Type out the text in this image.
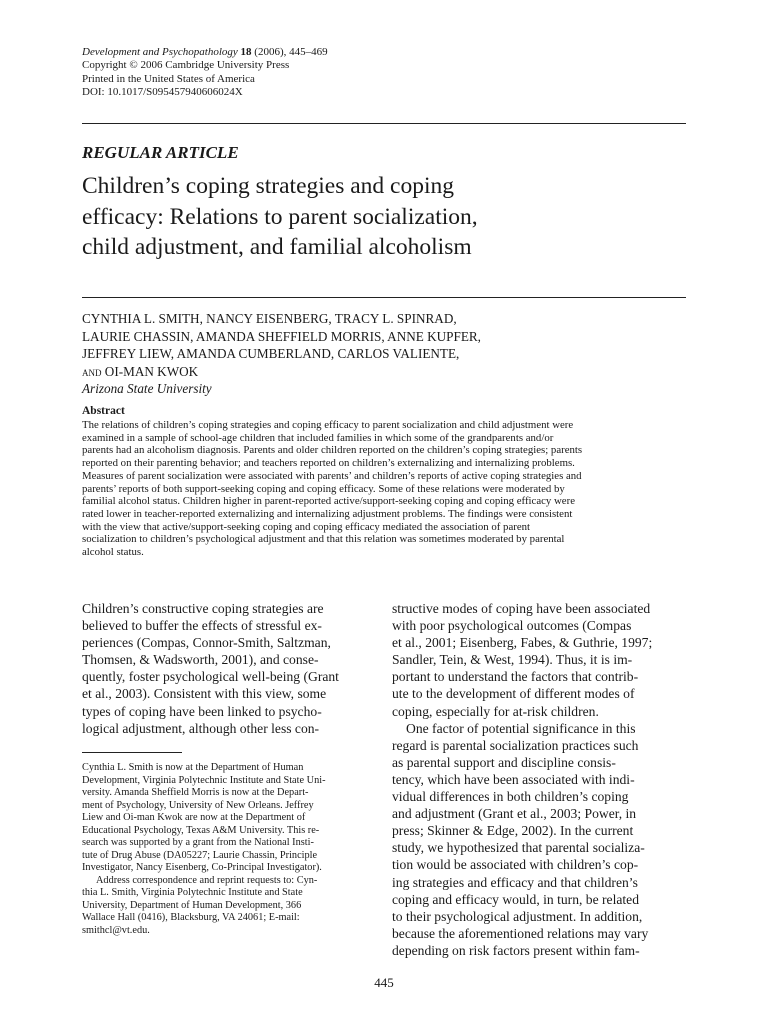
Development and Psychopathology 18 (2006), 445–469
Copyright © 2006 Cambridge University Press
Printed in the United States of America
DOI: 10.1017/S095457940606024X
REGULAR ARTICLE
Children’s coping strategies and coping
efficacy: Relations to parent socialization,
child adjustment, and familial alcoholism
CYNTHIA L. SMITH, NANCY EISENBERG, TRACY L. SPINRAD,
LAURIE CHASSIN, AMANDA SHEFFIELD MORRIS, ANNE KUPFER,
JEFFREY LIEW, AMANDA CUMBERLAND, CARLOS VALIENTE,
and OI-MAN KWOK
Arizona State University
Abstract
The relations of children’s coping strategies and coping efficacy to parent socialization and child adjustment were
examined in a sample of school-age children that included families in which some of the grandparents and/or
parents had an alcoholism diagnosis. Parents and older children reported on the children’s coping strategies; parents
reported on their parenting behavior; and teachers reported on children’s externalizing and internalizing problems.
Measures of parent socialization were associated with parents’ and children’s reports of active coping strategies and
parents’ reports of both support-seeking coping and coping efficacy. Some of these relations were moderated by
familial alcohol status. Children higher in parent-reported active/support-seeking coping and coping efficacy were
rated lower in teacher-reported externalizing and internalizing adjustment problems. The findings were consistent
with the view that active/support-seeking coping and coping efficacy mediated the association of parent
socialization to children’s psychological adjustment and that this relation was sometimes moderated by parental
alcohol status.
Children’s constructive coping strategies are
believed to buffer the effects of stressful ex-
periences (Compas, Connor-Smith, Saltzman,
Thomsen, & Wadsworth, 2001), and conse-
quently, foster psychological well-being (Grant
et al., 2003). Consistent with this view, some
types of coping have been linked to psycho-
logical adjustment, although other less con-
Cynthia L. Smith is now at the Department of Human
Development, Virginia Polytechnic Institute and State Uni-
versity. Amanda Sheffield Morris is now at the Depart-
ment of Psychology, University of New Orleans. Jeffrey
Liew and Oi-man Kwok are now at the Department of
Educational Psychology, Texas A&M University. This re-
search was supported by a grant from the National Insti-
tute of Drug Abuse (DA05227; Laurie Chassin, Principle
Investigator, Nancy Eisenberg, Co-Principal Investigator).
Address correspondence and reprint requests to: Cyn-
thia L. Smith, Virginia Polytechnic Institute and State
University, Department of Human Development, 366
Wallace Hall (0416), Blacksburg, VA 24061; E-mail:
smithcl@vt.edu.
structive modes of coping have been associated
with poor psychological outcomes (Compas
et al., 2001; Eisenberg, Fabes, & Guthrie, 1997;
Sandler, Tein, & West, 1994). Thus, it is im-
portant to understand the factors that contrib-
ute to the development of different modes of
coping, especially for at-risk children.
One factor of potential significance in this
regard is parental socialization practices such
as parental support and discipline consis-
tency, which have been associated with indi-
vidual differences in both children’s coping
and adjustment (Grant et al., 2003; Power, in
press; Skinner & Edge, 2002). In the current
study, we hypothesized that parental socializa-
tion would be associated with children’s cop-
ing strategies and efficacy and that children’s
coping and efficacy would, in turn, be related
to their psychological adjustment. In addition,
because the aforementioned relations may vary
depending on risk factors present within fam-
445
